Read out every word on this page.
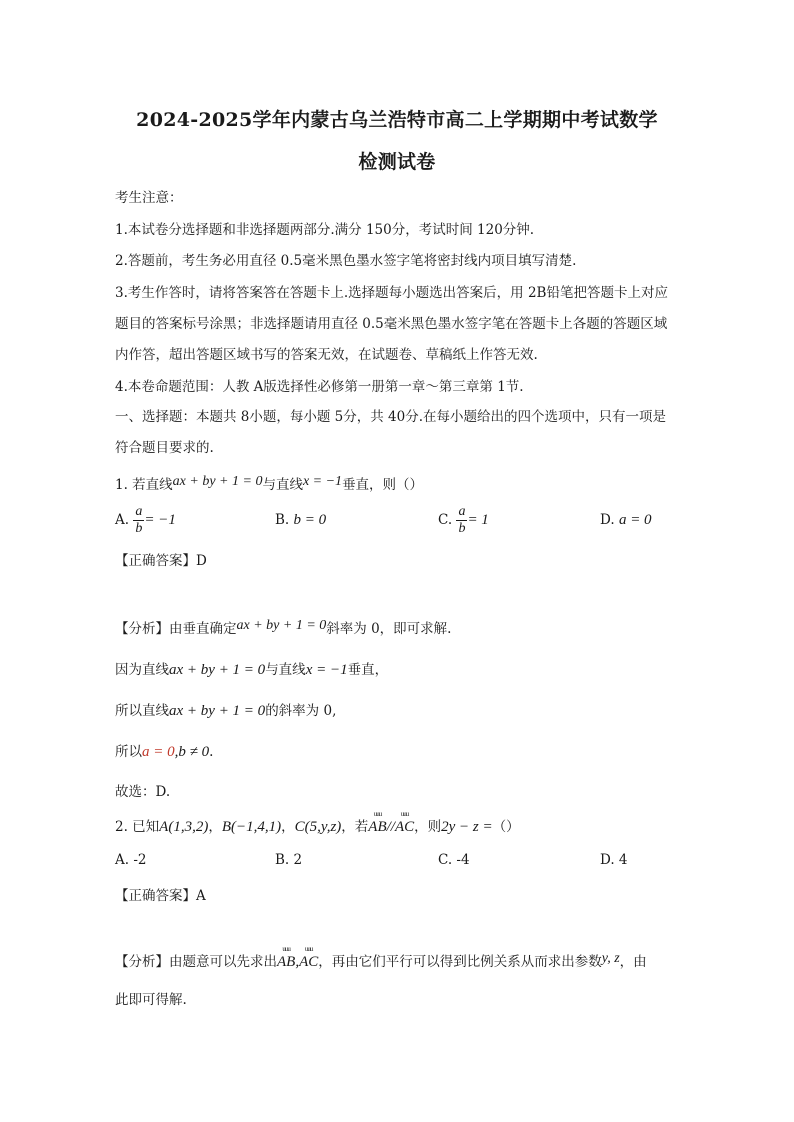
2024-2025学年内蒙古乌兰浩特市高二上学期期中考试数学
检测试卷
考生注意：
1.本试卷分选择题和非选择题两部分.满分 150分，考试时间 120分钟.
2.答题前，考生务必用直径 0.5毫米黑色墨水签字笔将密封线内项目填写清楚.
3.考生作答时，请将答案答在答题卡上.选择题每小题选出答案后，用 2B铅笔把答题卡上对应
题目的答案标号涂黑；非选择题请用直径 0.5毫米黑色墨水签字笔在答题卡上各题的答题区域
内作答，超出答题区域书写的答案无效，在试题卷、草稿纸上作答无效.
4.本卷命题范围：人教 A版选择性必修第一册第一章～第三章第 1节.
一、选择题：本题共 8小题，每小题 5分，共 40分.在每小题给出的四个选项中，只有一项是
符合题目要求的.
1. 若直线ax + by + 1 = 0与直线x = −1垂直，则（）
A. $\frac{a}{b} = -1$	B. b = 0	C. $\frac{a}{b} = 1$	D. a = 0
【正确答案】D
【分析】由垂直确定ax + by + 1 = 0斜率为 0，即可求解.
因为直线ax + by + 1 = 0与直线x = −1垂直，
所以直线ax + by + 1 = 0的斜率为 0,
所以a = 0,b ≠ 0.
故选：D.
2. 已知A(1,3,2)，B(−1,4,1)，C(5,y,z)，若uuu AB//uuu AC，则2y − z =（）
A. -2	B. 2	C. -4	D. 4
【正确答案】A
【分析】由题意可以先求出uuu AB,uuu AC，再由它们平行可以得到比例关系从而求出参数y, z，由
此即可得解.
